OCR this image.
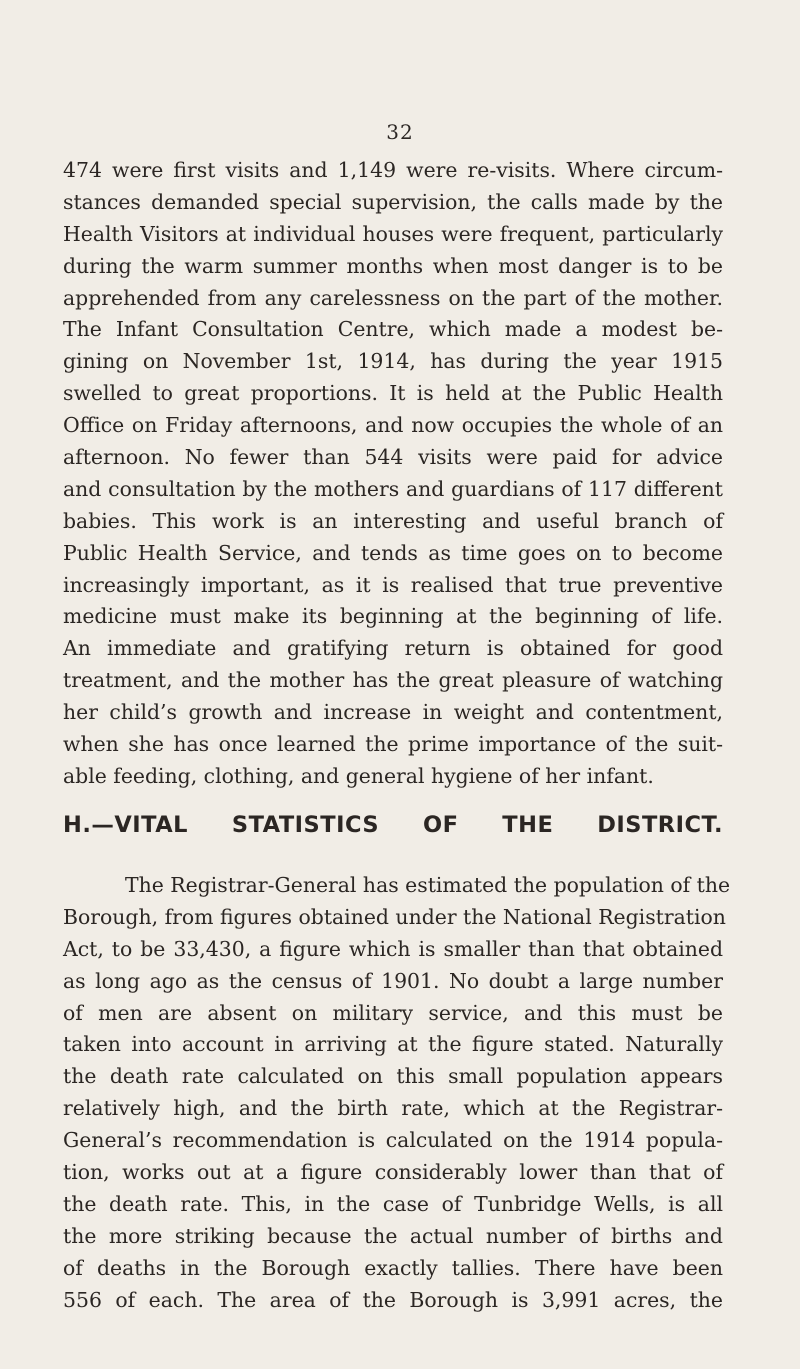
32
474 were first visits and 1,149 were re-visits. Where circum-
stances demanded special supervision, the calls made by the
Health Visitors at individual houses were frequent, particularly
during the warm summer months when most danger is to be
apprehended from any carelessness on the part of the mother.
The Infant Consultation Centre, which made a modest be-
gining on November 1st, 1914, has during the year 1915
swelled to great proportions. It is held at the Public Health
Office on Friday afternoons, and now occupies the whole of an
afternoon. No fewer than 544 visits were paid for advice
and consultation by the mothers and guardians of 117 different
babies. This work is an interesting and useful branch of
Public Health Service, and tends as time goes on to become
increasingly important, as it is realised that true preventive
medicine must make its beginning at the beginning of life.
An immediate and gratifying return is obtained for good
treatment, and the mother has the great pleasure of watching
her child’s growth and increase in weight and contentment,
when she has once learned the prime importance of the suit-
able feeding, clothing, and general hygiene of her infant.
H.—VITAL STATISTICS OF THE DISTRICT.
The Registrar-General has estimated the population of the
Borough, from figures obtained under the National Registration
Act, to be 33,430, a figure which is smaller than that obtained
as long ago as the census of 1901. No doubt a large number
of men are absent on military service, and this must be
taken into account in arriving at the figure stated. Naturally
the death rate calculated on this small population appears
relatively high, and the birth rate, which at the Registrar-
General’s recommendation is calculated on the 1914 popula-
tion, works out at a figure considerably lower than that of
the death rate. This, in the case of Tunbridge Wells, is all
the more striking because the actual number of births and
of deaths in the Borough exactly tallies. There have been
556 of each. The area of the Borough is 3,991 acres, the
